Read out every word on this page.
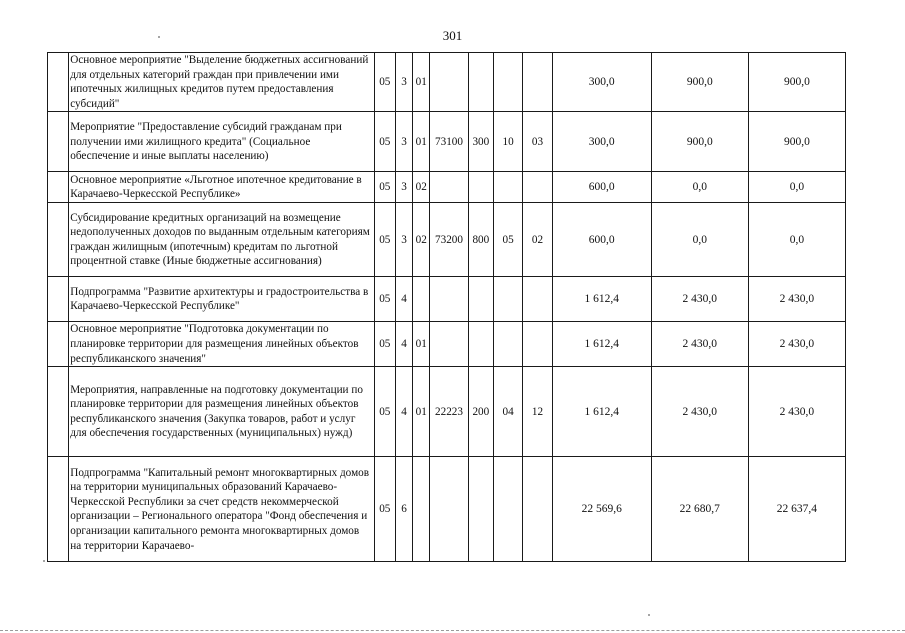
301
	Основное мероприятие "Выделение бюджетных ассигнований для отдельных категорий граждан при привлечении ими ипотечных жилищных кредитов путем предоставления субсидий"	05	3	01					300,0	900,0	900,0
	Мероприятие "Предоставление субсидий гражданам при получении ими жилищного кредита" (Социальное обеспечение и иные выплаты населению)	05	3	01	73100	300	10	03	300,0	900,0	900,0
	Основное мероприятие «Льготное ипотечное кредитование в Карачаево-Черкесской Республике»	05	3	02					600,0	0,0	0,0
	Субсидирование кредитных организаций на возмещение недополученных доходов по выданным отдельным категориям граждан жилищным (ипотечным) кредитам по льготной процентной ставке (Иные бюджетные ассигнования)	05	3	02	73200	800	05	02	600,0	0,0	0,0
	Подпрограмма "Развитие архитектуры и градостроительства в Карачаево-Черкесской Республике"	05	4						1 612,4	2 430,0	2 430,0
	Основное мероприятие "Подготовка документации по планировке территории для размещения линейных объектов республиканского значения"	05	4	01					1 612,4	2 430,0	2 430,0
	Мероприятия, направленные на подготовку документации по планировке территории для размещения линейных объектов республиканского значения (Закупка товаров, работ и услуг для обеспечения государственных (муниципальных) нужд)	05	4	01	22223	200	04	12	1 612,4	2 430,0	2 430,0
	Подпрограмма "Капитальный ремонт многоквартирных домов на территории муниципальных образований Карачаево-Черкесской Республики за счет средств некоммерческой организации – Регионального оператора "Фонд обеспечения и организации капитального ремонта многоквартирных домов на территории Карачаево-	05	6						22 569,6	22 680,7	22 637,4
